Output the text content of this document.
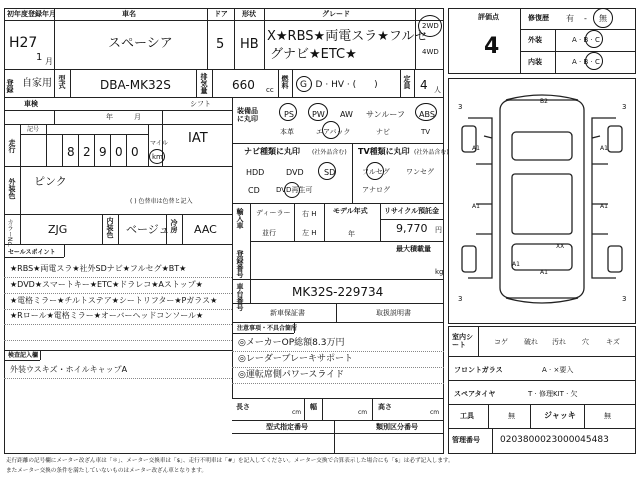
初年度登録年月	車名	ドア 形状	グレード
H27
1 月
スペーシア	5 HB
X★RBS★両電スラ★フルセ
グナビ★ETC★
2WD
4WD
登録 自家用 型式	DBA-MK32S	排気量 660 cc
燃料 G · D · HV · (　　)	定員 4 人
車検	シフト
年	月
IAT
走行
記号
8 2 9 0 0
マイル
km
外装色 ピンク
( ) 色替車は色替と記入
カラーNo.	ZJG	内装色 ベージュ 冷房 AAC
装備品に丸印
PS PW AW サンルーフ ABS
本革	エアバック	ナビ	TV
ナビ種類に丸印 (社外品含む)
HDD	DVD	SD
CD DVD再生可
TV種類に丸印 (社外品含む)
フルセグ ワンセグ
アナログ
輸入車 ディーラー
並行
右 H
左 H
モデル年式
年
リサイクル預託金
9,770 円
最大積載量
kg
登録番号
車台番号	MK32S-229734
新車保証書	取扱説明書
セールスポイント
★RBS★両電スラ★社外SDナビ★フルセグ★BT★
★DVD★スマートキー★ETC★ドラレコ★Aストップ★
★電格ミラー★チルトステア★シートリフター★Pガラス★
★Rロール★電格ミラー★オーバーヘッドコンソール★
検査記入欄
外装ウスキズ・ホイルキャップA
注意事項・不具合箇所
◎メーカーOP総額8.3万円
◎レーダーブレーキサポート
◎運転席側パワースライド
長さ
cm
幅
cm
高さ
cm
型式指定番号	類別区分番号
評価点
4
修復歴 有 - 無
外装	A · B · C
内装	A · B · C
B2
A1	A1
A1	A1
XX
A1
A1
3	3
3	3
室内シート	コゲ 破れ 汚れ 穴 キズ
フロントガラス	A · ×要入
スペアタイヤ	T · 修理KIT · 欠
工具	無	ジャッキ	無
管理番号 0203800023000045483
走行距離の記号欄にメーター改ざん車は「＊」、メーター交換車は「$」、走行不明車は「#」を記入してください。メーター交換で合算表示した場合にも「$」は必ず記入します。
またメーター交換の条件を満たしていないものはメーター改ざん車となります。
